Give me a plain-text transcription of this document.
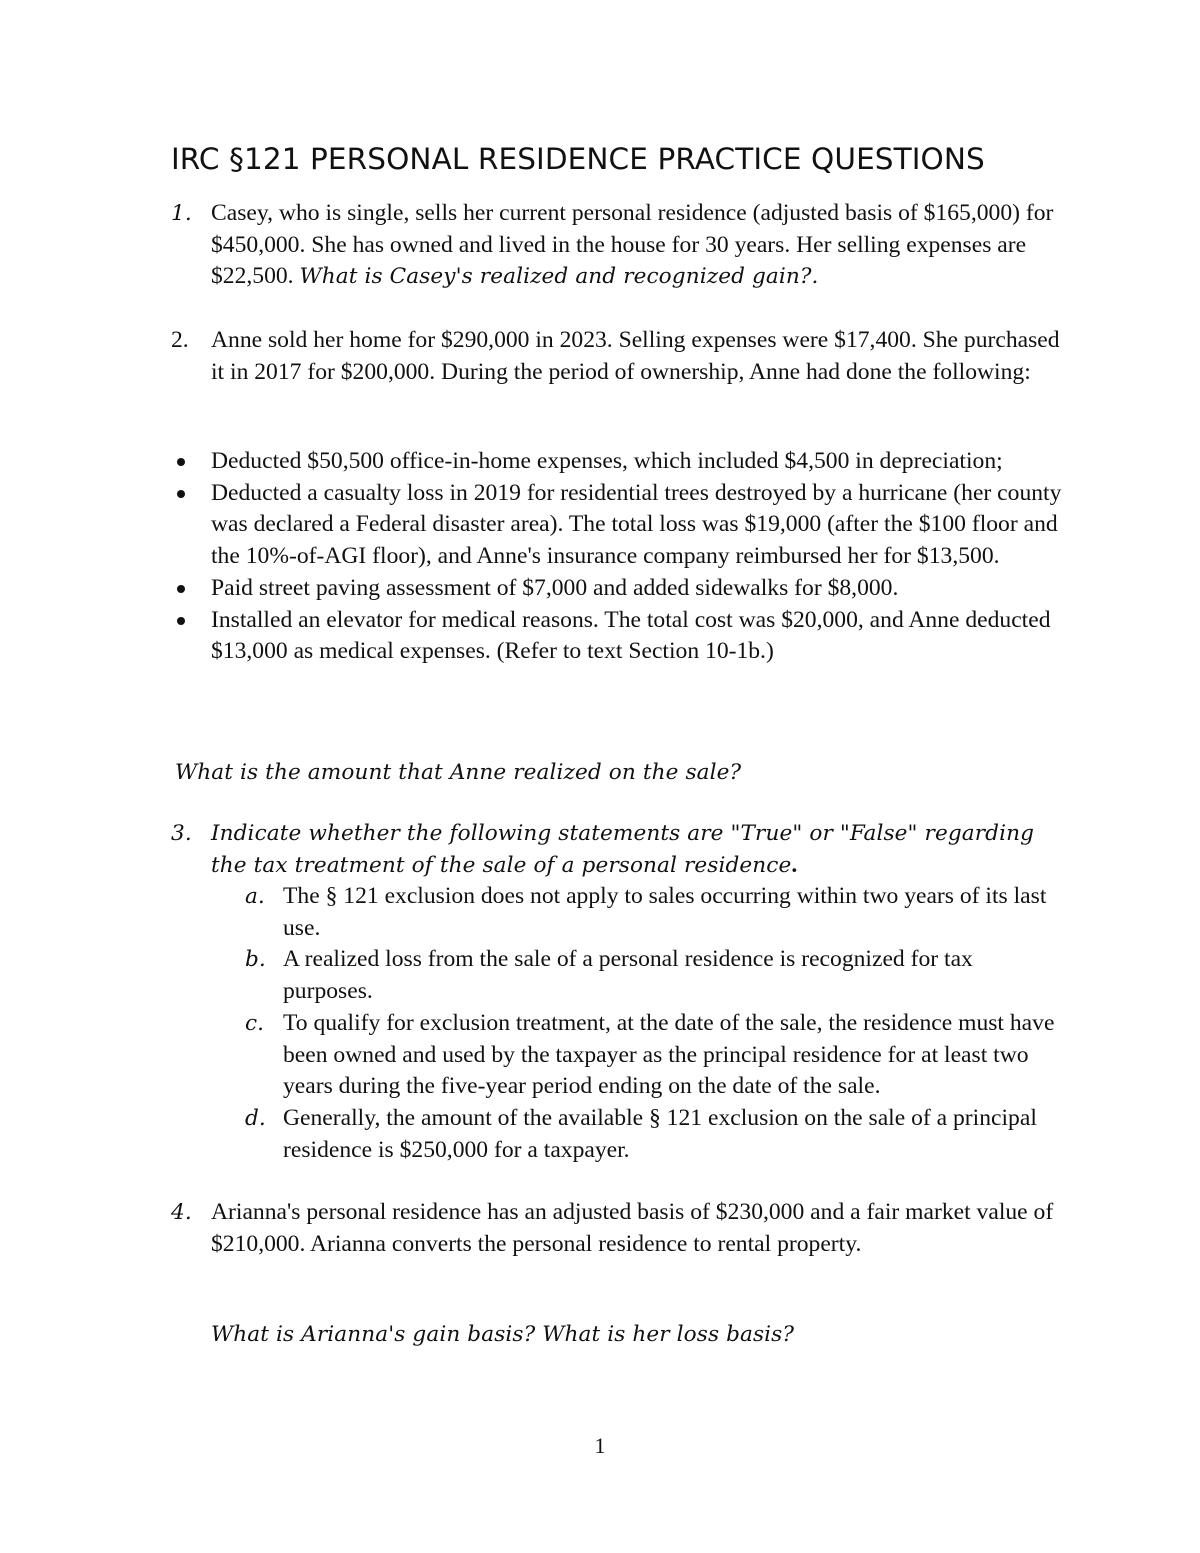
IRC §121 PERSONAL RESIDENCE PRACTICE QUESTIONS
1. Casey, who is single, sells her current personal residence (adjusted basis of $165,000) for $450,000. She has owned and lived in the house for 30 years. Her selling expenses are $22,500. What is Casey's realized and recognized gain?.
2. Anne sold her home for $290,000 in 2023. Selling expenses were $17,400. She purchased it in 2017 for $200,000. During the period of ownership, Anne had done the following:
Deducted $50,500 office-in-home expenses, which included $4,500 in depreciation;
Deducted a casualty loss in 2019 for residential trees destroyed by a hurricane (her county was declared a Federal disaster area). The total loss was $19,000 (after the $100 floor and the 10%-of-AGI floor), and Anne's insurance company reimbursed her for $13,500.
Paid street paving assessment of $7,000 and added sidewalks for $8,000.
Installed an elevator for medical reasons. The total cost was $20,000, and Anne deducted $13,000 as medical expenses. (Refer to text Section 10-1b.)
What is the amount that Anne realized on the sale?
3. Indicate whether the following statements are "True" or "False" regarding the tax treatment of the sale of a personal residence.
a. The § 121 exclusion does not apply to sales occurring within two years of its last use.
b. A realized loss from the sale of a personal residence is recognized for tax purposes.
c. To qualify for exclusion treatment, at the date of the sale, the residence must have been owned and used by the taxpayer as the principal residence for at least two years during the five-year period ending on the date of the sale.
d. Generally, the amount of the available § 121 exclusion on the sale of a principal residence is $250,000 for a taxpayer.
4. Arianna's personal residence has an adjusted basis of $230,000 and a fair market value of $210,000. Arianna converts the personal residence to rental property.
What is Arianna's gain basis? What is her loss basis?
1
